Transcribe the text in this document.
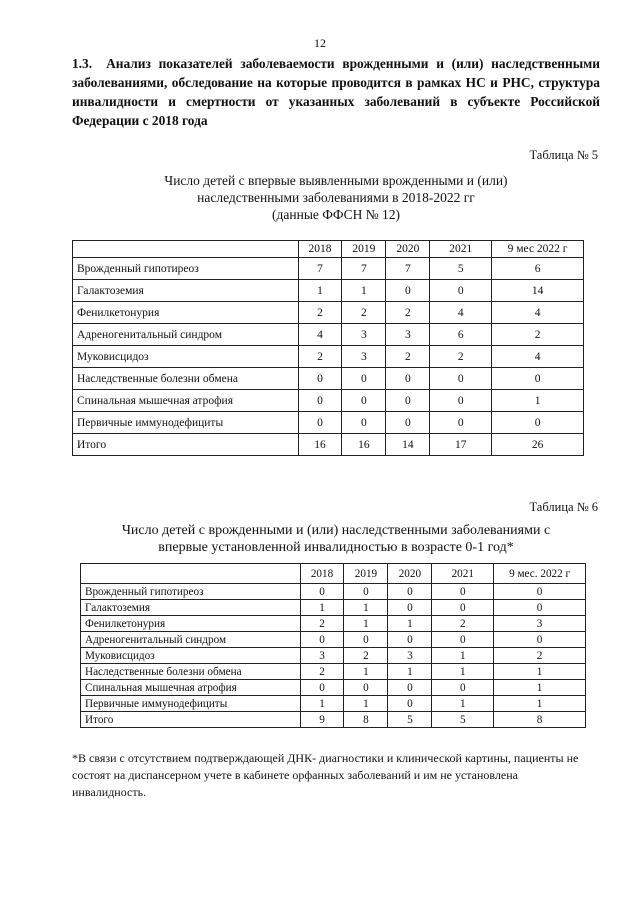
12
1.3. Анализ показателей заболеваемости врожденными и (или) наследственными заболеваниями, обследование на которые проводится в рамках НС и РНС, структура инвалидности и смертности от указанных заболеваний в субъекте Российской Федерации с 2018 года
Таблица № 5
Число детей с впервые выявленными врожденными и (или)
наследственными заболеваниями в 2018-2022 гг
(данные ФФСН № 12)
	2018	2019	2020	2021	9 мес 2022 г
Врожденный гипотиреоз	7	7	7	5	6
Галактоземия	1	1	0	0	14
Фенилкетонурия	2	2	2	4	4
Адреногенитальный синдром	4	3	3	6	2
Муковисцидоз	2	3	2	2	4
Наследственные болезни обмена	0	0	0	0	0
Спинальная мышечная атрофия	0	0	0	0	1
Первичные иммунодефициты	0	0	0	0	0
Итого	16	16	14	17	26
Таблица № 6
Число детей с врожденными и (или) наследственными заболеваниями с
впервые установленной инвалидностью в возрасте 0-1 год*
	2018	2019	2020	2021	9 мес. 2022 г
Врожденный гипотиреоз	0	0	0	0	0
Галактоземия	1	1	0	0	0
Фенилкетонурия	2	1	1	2	3
Адреногенитальный синдром	0	0	0	0	0
Муковисцидоз	3	2	3	1	2
Наследственные болезни обмена	2	1	1	1	1
Спинальная мышечная атрофия	0	0	0	0	1
Первичные иммунодефициты	1	1	0	1	1
Итого	9	8	5	5	8
*В связи с отсутствием подтверждающей ДНК- диагностики и клинической картины, пациенты не состоят на диспансерном учете в кабинете орфанных заболеваний и им не установлена инвалидность.
